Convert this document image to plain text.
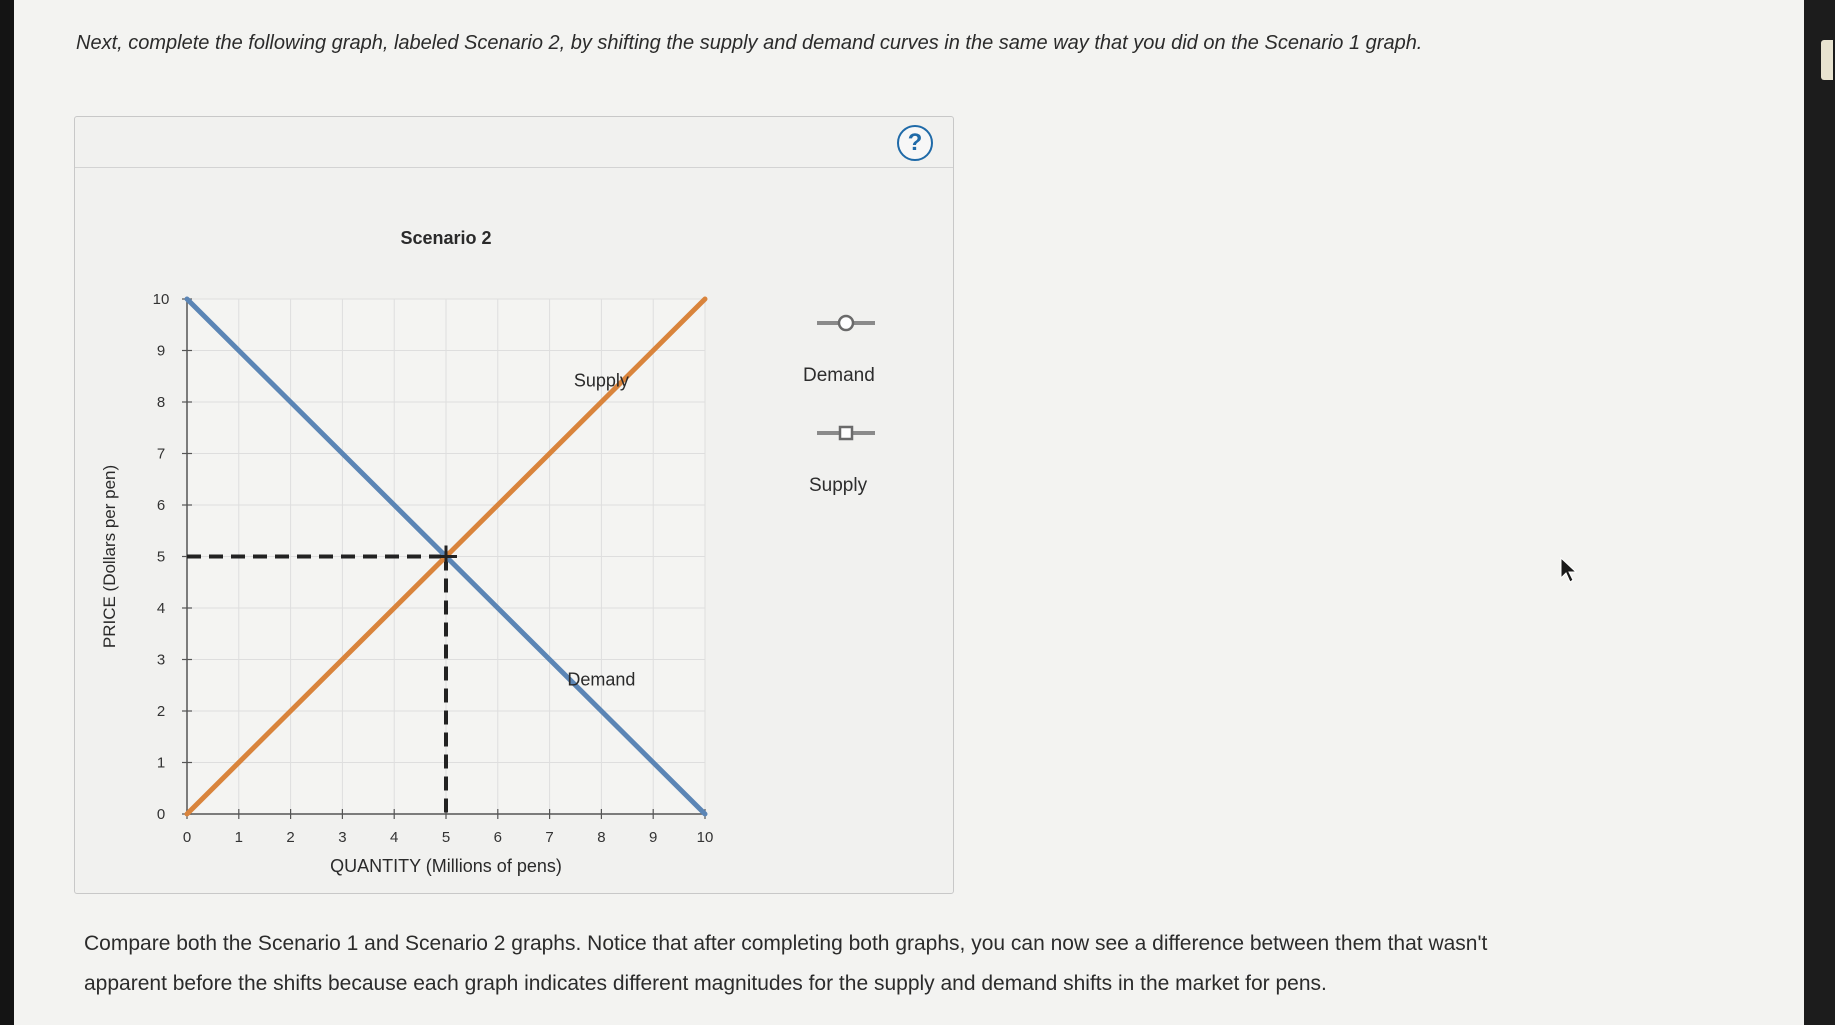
Next, complete the following graph, labeled Scenario 2, by shifting the supply and demand curves in the same way that you did on the Scenario 1 graph.
?
0	1	2	3	4	5	6	7	8	9	10
0
1
2
3
4
5
6
7
8
9
10
Scenario 2
QUANTITY (Millions of pens)
PRICE (Dollars per pen)
Demand
Supply	Demand
Supply
Compare both the Scenario 1 and Scenario 2 graphs. Notice that after completing both graphs, you can now see a difference between them that wasn't apparent before the shifts because each graph indicates different magnitudes for the supply and demand shifts in the market for pens.
